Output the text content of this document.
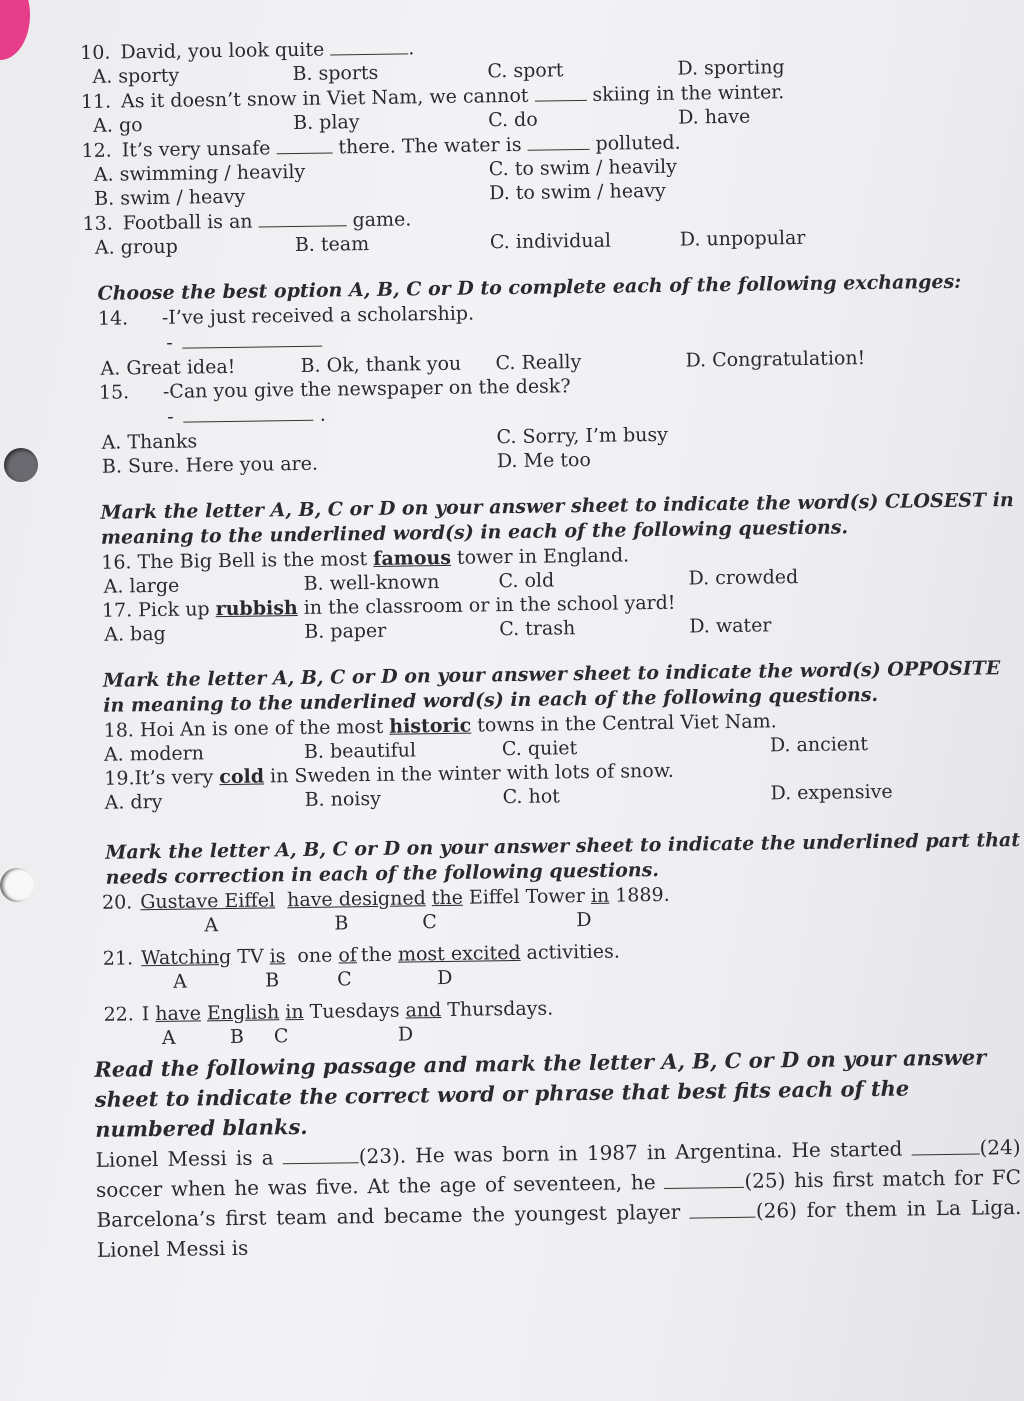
10. David, you look quite	.
A. sporty	B. sports	C. sport	D. sporting
11. As it doesn’t snow in Viet Nam, we cannot	skiing in the winter.
A. go	B. play	C. do	D. have
12. It’s very unsafe	there. The water is	polluted.
A. swimming / heavily	C. to swim / heavily
B. swim / heavy	D. to swim / heavy
13. Football is an	game.
A. group	B. team	C. individual	D. unpopular
Choose the best option A, B, C or D to complete each of the following exchanges:
14.	-I’ve just received a scholarship.
-
A. Great idea!	B. Ok, thank you	C. Really	D. Congratulation!
15.	-Can you give the newspaper on the desk?
-	.
A. Thanks	C. Sorry, I’m busy
B. Sure. Here you are.	D. Me too
Mark the letter A, B, C or D on your answer sheet to indicate the word(s) CLOSEST in meaning to the underlined word(s) in each of the following questions.
16. The Big Bell is the most famous tower in England.
A. large	B. well-known	C. old	D. crowded
17. Pick up rubbish in the classroom or in the school yard!
A. bag	B. paper	C. trash	D. water
Mark the letter A, B, C or D on your answer sheet to indicate the word(s) OPPOSITE in meaning to the underlined word(s) in each of the following questions.
18. Hoi An is one of the most historic towns in the Central Viet Nam.
A. modern	B. beautiful	C. quiet	D. ancient
19. It’s very cold in Sweden in the winter with lots of snow.
A. dry	B. noisy	C. hot	D. expensive
Mark the letter A, B, C or D on your answer sheet to indicate the underlined part that needs correction in each of the following questions.
20. Gustave Eiffel have designed the Eiffel Tower in 1889.
A	B	C	D
21. Watching TV is one of the most excited activities.
A	B	C	D
22. I have English in Tuesdays and Thursdays.
A	B C	D
Read the following passage and mark the letter A, B, C or D on your answer sheet to indicate the correct word or phrase that best fits each of the numbered blanks.
Lionel Messi is a	(23). He was born in 1987 in Argentina. He started	(24) soccer when he was five. At the age of seventeen, he	(25) his first match for FC Barcelona’s first team and became the youngest player	(26) for them in La Liga. Lionel Messi is
